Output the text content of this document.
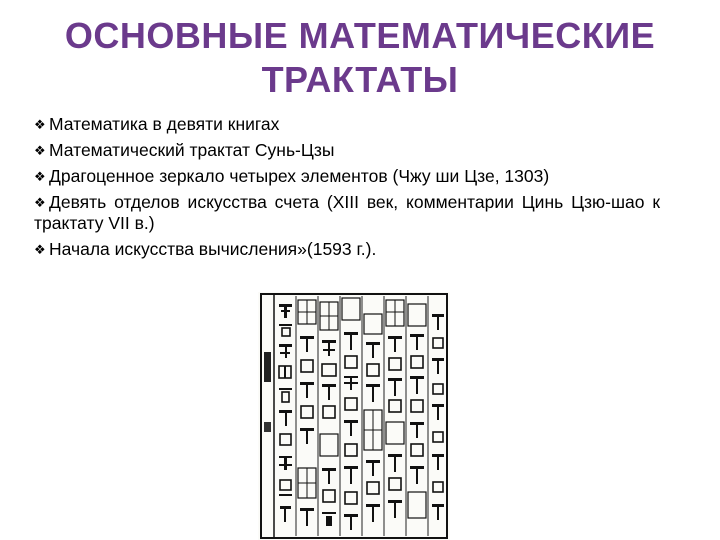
ОСНОВНЫЕ МАТЕМАТИЧЕСКИЕ ТРАКТАТЫ
❖ Математика в девяти книгах
❖ Математический трактат Сунь-Цзы
❖ Драгоценное зеркало четырех элементов (Чжу ши Цзе, 1303)
❖ Девять отделов искусства счета (XIII век, комментарии Цинь Цзю-шао к трактату VII в.)
❖ Начала искусства вычисления»(1593 г.).
